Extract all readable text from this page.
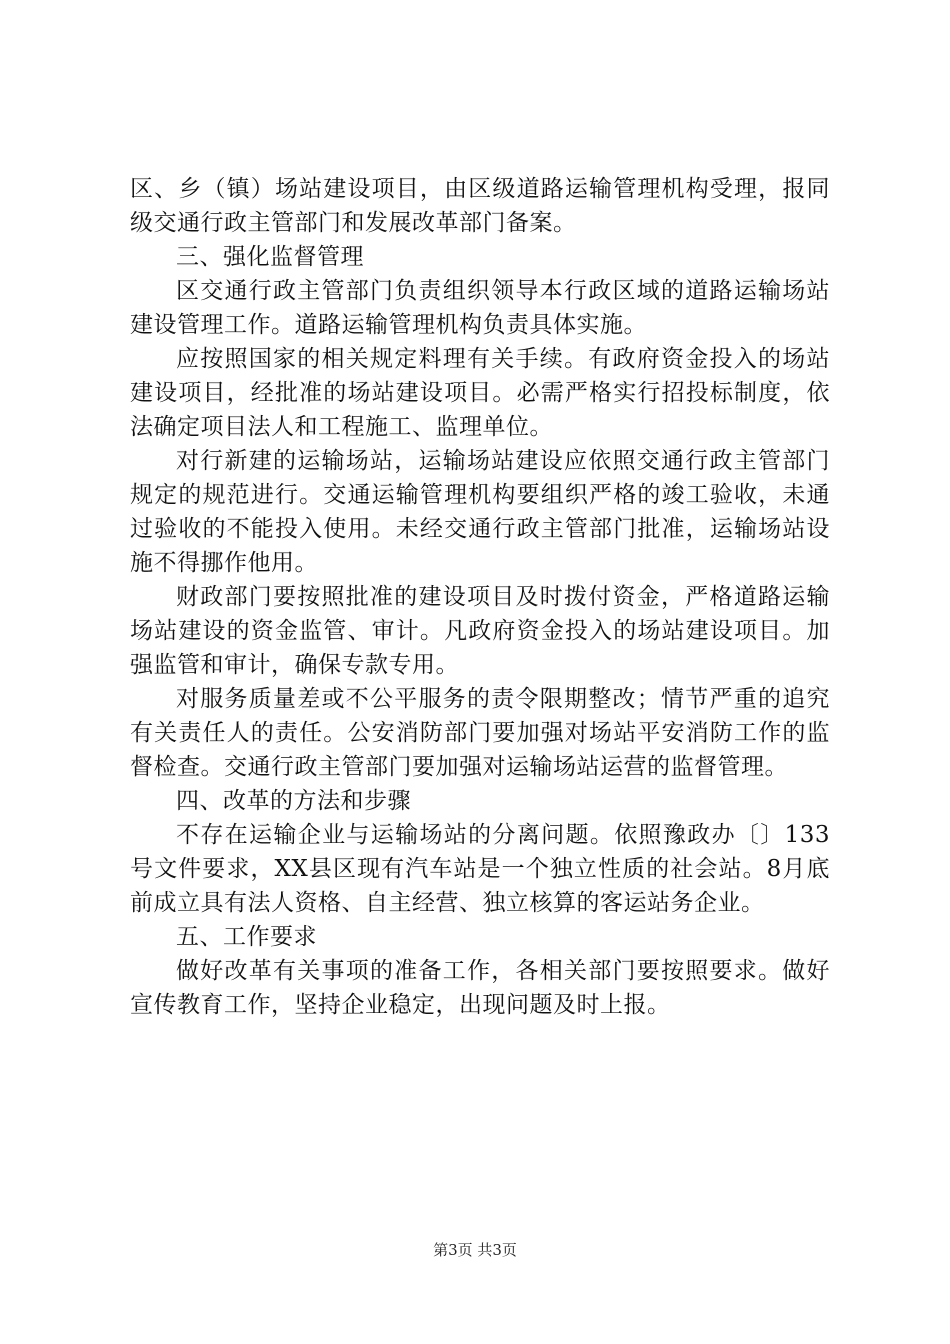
区、乡（镇）场站建设项目，由区级道路运输管理机构受理，报同级交通行政主管部门和发展改革部门备案。

三、强化监督管理

区交通行政主管部门负责组织领导本行政区域的道路运输场站建设管理工作。道路运输管理机构负责具体实施。

应按照国家的相关规定料理有关手续。有政府资金投入的场站建设项目，经批准的场站建设项目。必需严格实行招投标制度，依法确定项目法人和工程施工、监理单位。

对行新建的运输场站，运输场站建设应依照交通行政主管部门规定的规范进行。交通运输管理机构要组织严格的竣工验收，未通过验收的不能投入使用。未经交通行政主管部门批准，运输场站设施不得挪作他用。

财政部门要按照批准的建设项目及时拨付资金，严格道路运输场站建设的资金监管、审计。凡政府资金投入的场站建设项目。加强监管和审计，确保专款专用。

对服务质量差或不公平服务的责令限期整改；情节严重的追究有关责任人的责任。公安消防部门要加强对场站平安消防工作的监督检查。交通行政主管部门要加强对运输场站运营的监督管理。

四、改革的方法和步骤

不存在运输企业与运输场站的分离问题。依照豫政办〔〕133号文件要求，XX县区现有汽车站是一个独立性质的社会站。8月底前成立具有法人资格、自主经营、独立核算的客运站务企业。

五、工作要求

做好改革有关事项的准备工作，各相关部门要按照要求。做好宣传教育工作，坚持企业稳定，出现问题及时上报。

第3页 共3页
